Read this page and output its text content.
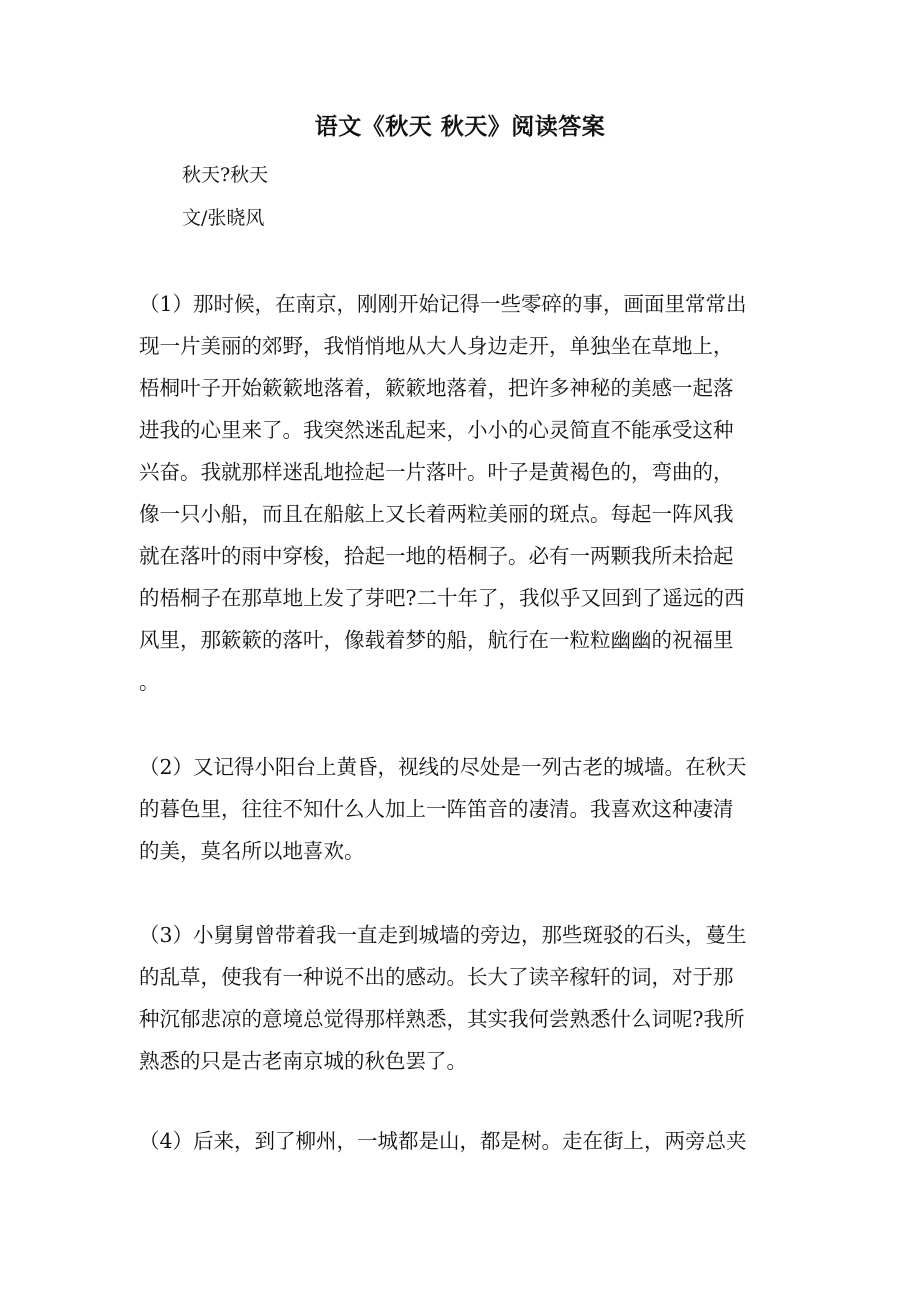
语文《秋天 秋天》阅读答案
秋天?秋天
文/张晓风
（1）那时候，在南京，刚刚开始记得一些零碎的事，画面里常常出
现一片美丽的郊野，我悄悄地从大人身边走开，单独坐在草地上，
梧桐叶子开始簌簌地落着，簌簌地落着，把许多神秘的美感一起落
进我的心里来了。我突然迷乱起来，小小的心灵简直不能承受这种
兴奋。我就那样迷乱地捡起一片落叶。叶子是黄褐色的，弯曲的，
像一只小船，而且在船舷上又长着两粒美丽的斑点。每起一阵风我
就在落叶的雨中穿梭，拾起一地的梧桐子。必有一两颗我所未拾起
的梧桐子在那草地上发了芽吧?二十年了，我似乎又回到了遥远的西
风里，那簌簌的落叶，像载着梦的船，航行在一粒粒幽幽的祝福里
。
（2）又记得小阳台上黄昏，视线的尽处是一列古老的城墙。在秋天
的暮色里，往往不知什么人加上一阵笛音的凄清。我喜欢这种凄清
的美，莫名所以地喜欢。
（3）小舅舅曾带着我一直走到城墙的旁边，那些斑驳的石头，蔓生
的乱草，使我有一种说不出的感动。长大了读辛稼轩的词，对于那
种沉郁悲凉的意境总觉得那样熟悉，其实我何尝熟悉什么词呢?我所
熟悉的只是古老南京城的秋色罢了。
（4）后来，到了柳州，一城都是山，都是树。走在街上，两旁总夹
